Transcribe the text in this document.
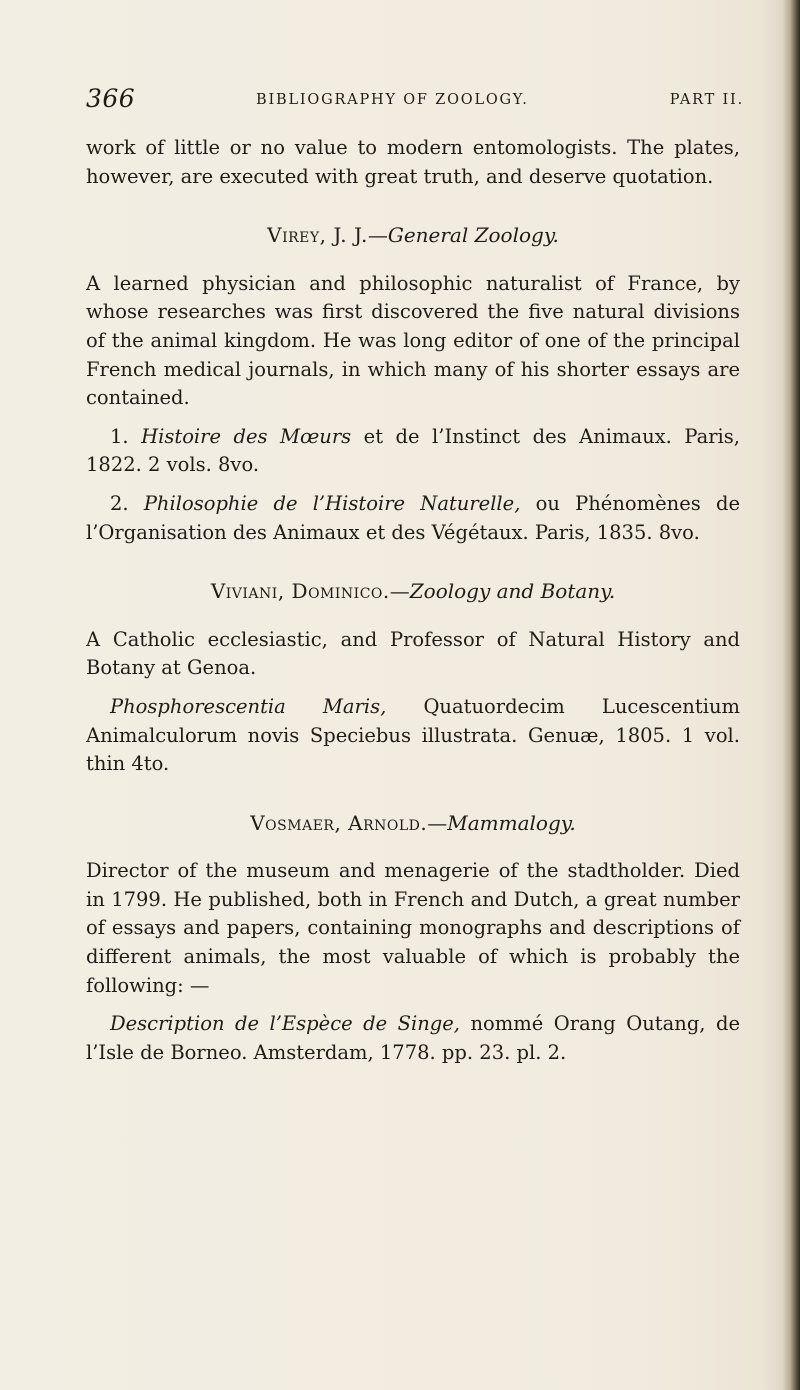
366	BIBLIOGRAPHY OF ZOOLOGY.	PART II.

work of little or no value to modern entomologists. The plates, however, are executed with great truth, and deserve quotation.

Virey, J. J.—General Zoology.

A learned physician and philosophic naturalist of France, by whose researches was first discovered the five natural divisions of the animal kingdom. He was long editor of one of the principal French medical journals, in which many of his shorter essays are contained.

1. Histoire des Mœurs et de l’Instinct des Animaux. Paris, 1822. 2 vols. 8vo.

2. Philosophie de l’Histoire Naturelle, ou Phénomènes de l’Organisation des Animaux et des Végétaux. Paris, 1835. 8vo.

Viviani, Dominico.—Zoology and Botany.

A Catholic ecclesiastic, and Professor of Natural History and Botany at Genoa.

Phosphorescentia Maris, Quatuordecim Lucescentium Animalculorum novis Speciebus illustrata. Genuæ, 1805. 1 vol. thin 4to.

Vosmaer, Arnold.—Mammalogy.

Director of the museum and menagerie of the stadtholder. Died in 1799. He published, both in French and Dutch, a great number of essays and papers, containing monographs and descriptions of different animals, the most valuable of which is probably the following: —

Description de l’Espèce de Singe, nommé Orang Outang, de l’Isle de Borneo. Amsterdam, 1778. pp. 23. pl. 2.
